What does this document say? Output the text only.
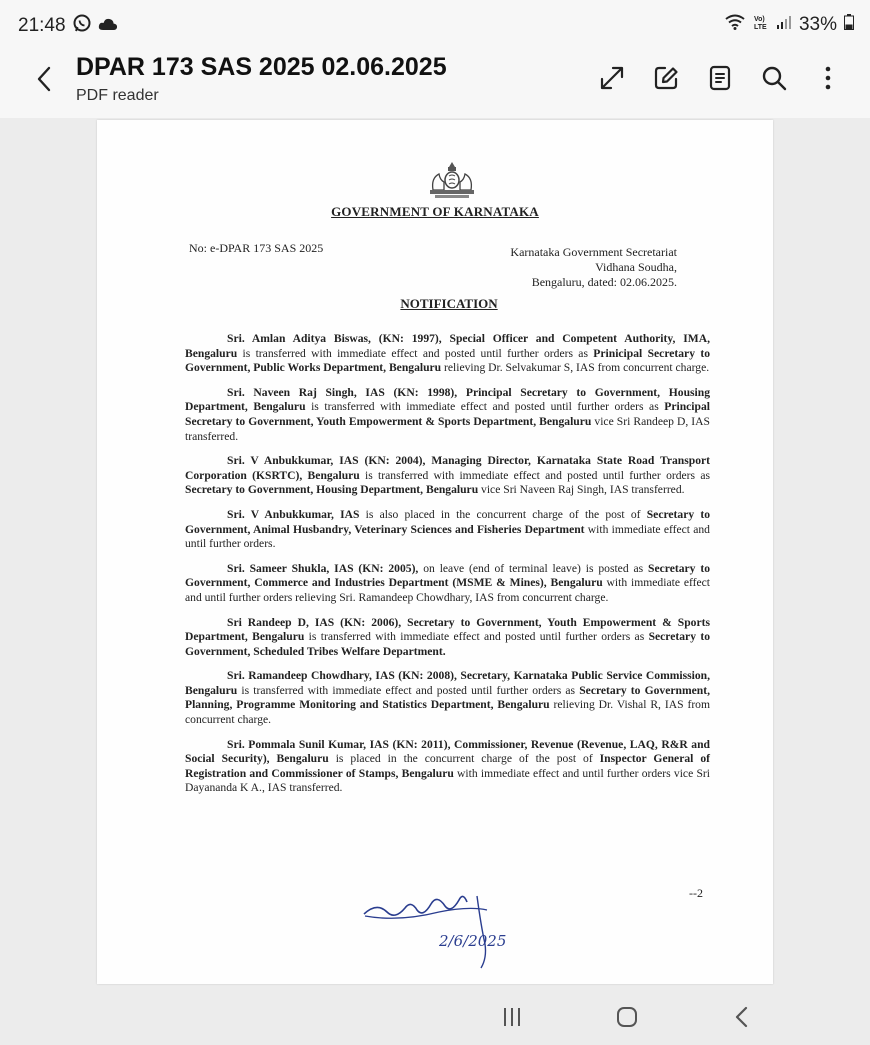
21:48	Vo)
LTE 33%
DPAR 173 SAS 2025 02.06.2025
PDF reader
GOVERNMENT OF KARNATAKA
No: e-DPAR 173 SAS 2025	Karnataka Government Secretariat
Vidhana Soudha,
Bengaluru, dated: 02.06.2025.
NOTIFICATION

Sri. Amlan Aditya Biswas, (KN: 1997), Special Officer and Competent Authority, IMA, Bengaluru is transferred with immediate effect and posted until further orders as Prinicipal Secretary to Government, Public Works Department, Bengaluru relieving Dr. Selvakumar S, IAS from concurrent charge.

Sri. Naveen Raj Singh, IAS (KN: 1998), Principal Secretary to Government, Housing Department, Bengaluru is transferred with immediate effect and posted until further orders as Principal Secretary to Government, Youth Empowerment & Sports Department, Bengaluru vice Sri Randeep D, IAS transferred.

Sri. V Anbukkumar, IAS (KN: 2004), Managing Director, Karnataka State Road Transport Corporation (KSRTC), Bengaluru is transferred with immediate effect and posted until further orders as Secretary to Government, Housing Department, Bengaluru vice Sri Naveen Raj Singh, IAS transferred.

Sri. V Anbukkumar, IAS is also placed in the concurrent charge of the post of Secretary to Government, Animal Husbandry, Veterinary Sciences and Fisheries Department with immediate effect and until further orders.

Sri. Sameer Shukla, IAS (KN: 2005), on leave (end of terminal leave) is posted as Secretary to Government, Commerce and Industries Department (MSME & Mines), Bengaluru with immediate effect and until further orders relieving Sri. Ramandeep Chowdhary, IAS from concurrent charge.

Sri Randeep D, IAS (KN: 2006), Secretary to Government, Youth Empowerment & Sports Department, Bengaluru is transferred with immediate effect and posted until further orders as Secretary to Government, Scheduled Tribes Welfare Department.

Sri. Ramandeep Chowdhary, IAS (KN: 2008), Secretary, Karnataka Public Service Commission, Bengaluru is transferred with immediate effect and posted until further orders as Secretary to Government, Planning, Programme Monitoring and Statistics Department, Bengaluru relieving Dr. Vishal R, IAS from concurrent charge.

Sri. Pommala Sunil Kumar, IAS (KN: 2011), Commissioner, Revenue (Revenue, LAQ, R&R and Social Security), Bengaluru is placed in the concurrent charge of the post of Inspector General of Registration and Commissioner of Stamps, Bengaluru with immediate effect and until further orders vice Sri Dayananda K A., IAS transferred.

--2
2/6/2025
